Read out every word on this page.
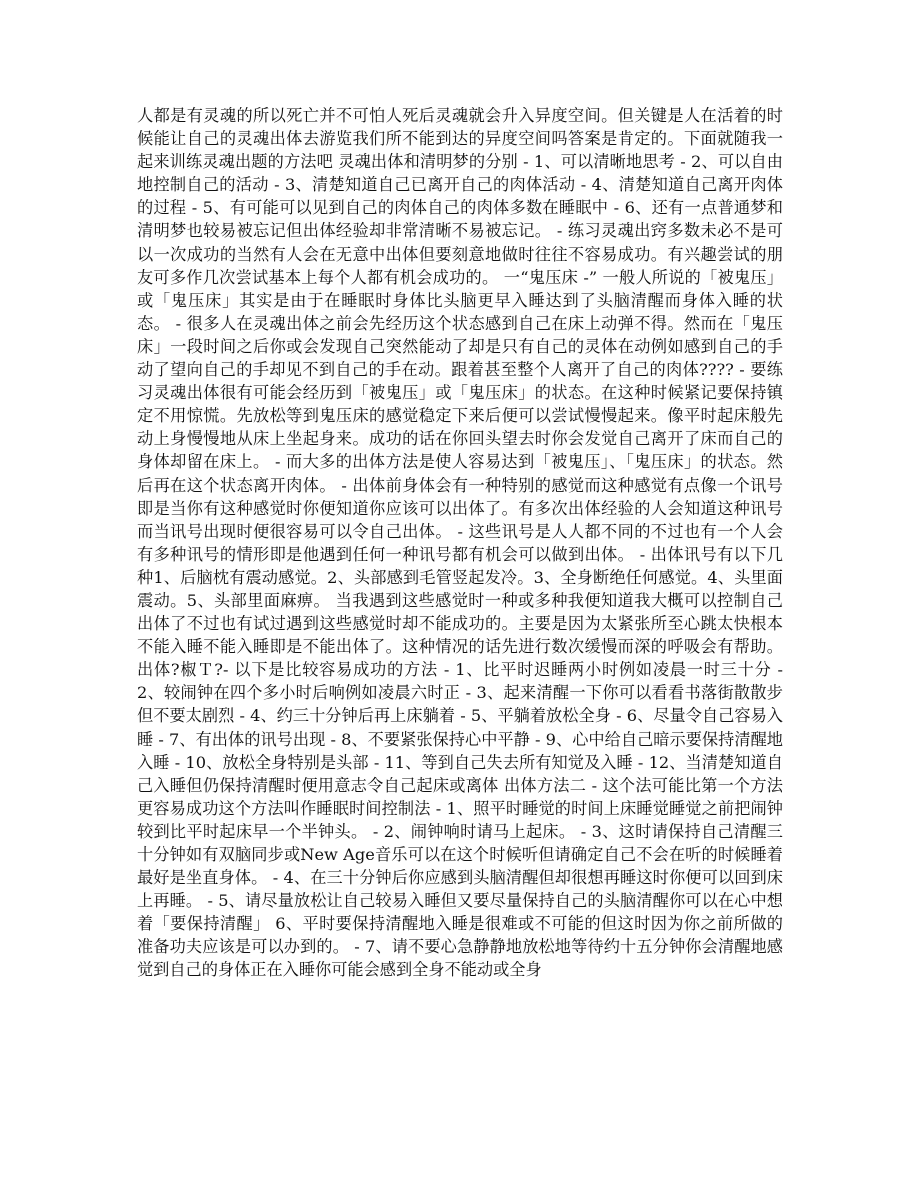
人都是有灵魂的所以死亡并不可怕人死后灵魂就会升入异度空间。但关键是人在活着的时候能让自己的灵魂出体去游览我们所不能到达的异度空间吗答案是肯定的。下面就随我一起来训练灵魂出题的方法吧 灵魂出体和清明梦的分别 - 1、可以清晰地思考 - 2、可以自由地控制自己的活动 - 3、清楚知道自己已离开自己的肉体活动 - 4、清楚知道自己离开肉体的过程 - 5、有可能可以见到自己的肉体自己的肉体多数在睡眠中 - 6、还有一点普通梦和清明梦也较易被忘记但出体经验却非常清晰不易被忘记。 - 练习灵魂出窍多数未必不是可以一次成功的当然有人会在无意中出体但要刻意地做时往往不容易成功。有兴趣尝试的朋友可多作几次尝试基本上每个人都有机会成功的。 一“鬼压床 -” 一般人所说的「被鬼压」或「鬼压床」其实是由于在睡眠时身体比头脑更早入睡达到了头脑清醒而身体入睡的状态。 - 很多人在灵魂出体之前会先经历这个状态感到自己在床上动弹不得。然而在「鬼压床」一段时间之后你或会发现自己突然能动了却是只有自己的灵体在动例如感到自己的手动了望向自己的手却见不到自己的手在动。跟着甚至整个人离开了自己的肉体???? - 要练习灵魂出体很有可能会经历到「被鬼压」或「鬼压床」的状态。在这种时候紧记要保持镇定不用惊慌。先放松等到鬼压床的感觉稳定下来后便可以尝试慢慢起来。像平时起床般先动上身慢慢地从床上坐起身来。成功的话在你回头望去时你会发觉自己离开了床而自己的身体却留在床上。 - 而大多的出体方法是使人容易达到「被鬼压」、「鬼压床」的状态。然后再在这个状态离开肉体。 - 出体前身体会有一种特别的感觉而这种感觉有点像一个讯号即是当你有这种感觉时你便知道你应该可以出体了。有多次出体经验的人会知道这种讯号而当讯号出现时便很容易可以令自己出体。 - 这些讯号是人人都不同的不过也有一个人会有多种讯号的情形即是他遇到任何一种讯号都有机会可以做到出体。 - 出体讯号有以下几种1、后脑枕有震动感觉。2、头部感到毛管竖起发冷。3、全身断绝任何感觉。4、头里面震动。5、头部里面麻痹。 当我遇到这些感觉时一种或多种我便知道我大概可以控制自己出体了不过也有试过遇到这些感觉时却不能成功的。主要是因为太紧张所至心跳太快根本不能入睡不能入睡即是不能出体了。这种情况的话先进行数次缓慢而深的呼吸会有帮助。 出体?椒Ｔ?- 以下是比较容易成功的方法 - 1、比平时迟睡两小时例如凌晨一时三十分 - 2、较闹钟在四个多小时后响例如凌晨六时正 - 3、起来清醒一下你可以看看书落街散散步但不要太剧烈 - 4、约三十分钟后再上床躺着 - 5、平躺着放松全身 - 6、尽量令自己容易入睡 - 7、有出体的讯号出现 - 8、不要紧张保持心中平静 - 9、心中给自己暗示要保持清醒地入睡 - 10、放松全身特别是头部 - 11、等到自己失去所有知觉及入睡 - 12、当清楚知道自己入睡但仍保持清醒时便用意志令自己起床或离体 出体方法二 - 这个法可能比第一个方法更容易成功这个方法叫作睡眠时间控制法 - 1、照平时睡觉的时间上床睡觉睡觉之前把闹钟较到比平时起床早一个半钟头。 - 2、闹钟响时请马上起床。 - 3、这时请保持自己清醒三十分钟如有双脑同步或New Age音乐可以在这个时候听但请确定自己不会在听的时候睡着最好是坐直身体。 - 4、在三十分钟后你应感到头脑清醒但却很想再睡这时你便可以回到床上再睡。 - 5、请尽量放松让自己较易入睡但又要尽量保持自己的头脑清醒你可以在心中想着「要保持清醒」 6、平时要保持清醒地入睡是很难或不可能的但这时因为你之前所做的准备功夫应该是可以办到的。 - 7、请不要心急静静地放松地等待约十五分钟你会清醒地感觉到自己的身体正在入睡你可能会感到全身不能动或全身
